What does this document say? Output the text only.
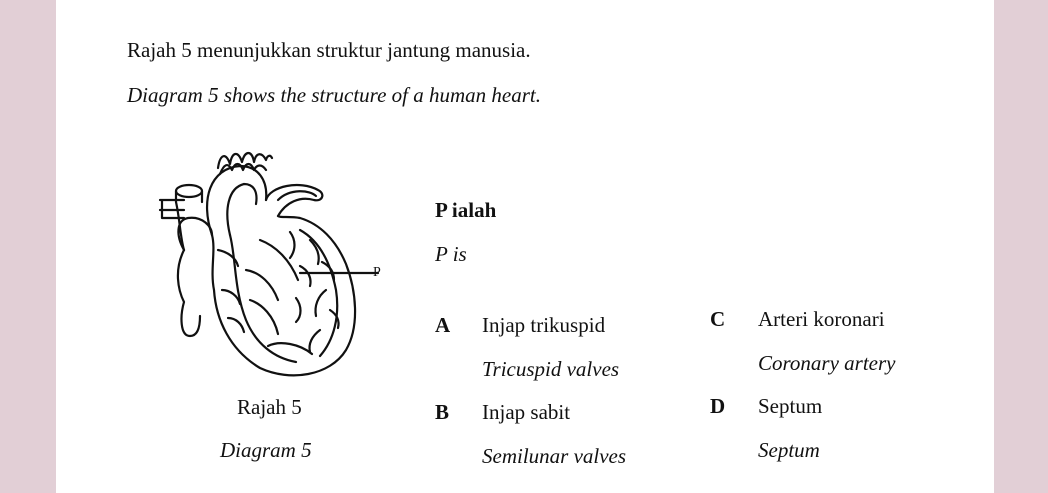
Rajah 5 menunjukkan struktur jantung manusia.
Diagram 5 shows the structure of a human heart.
P
Rajah 5
Diagram 5
P ialah
P is
A Injap trikuspid
Tricuspid valves
B Injap sabit
Semilunar valves
C Arteri koronari
Coronary artery
D Septum
Septum
